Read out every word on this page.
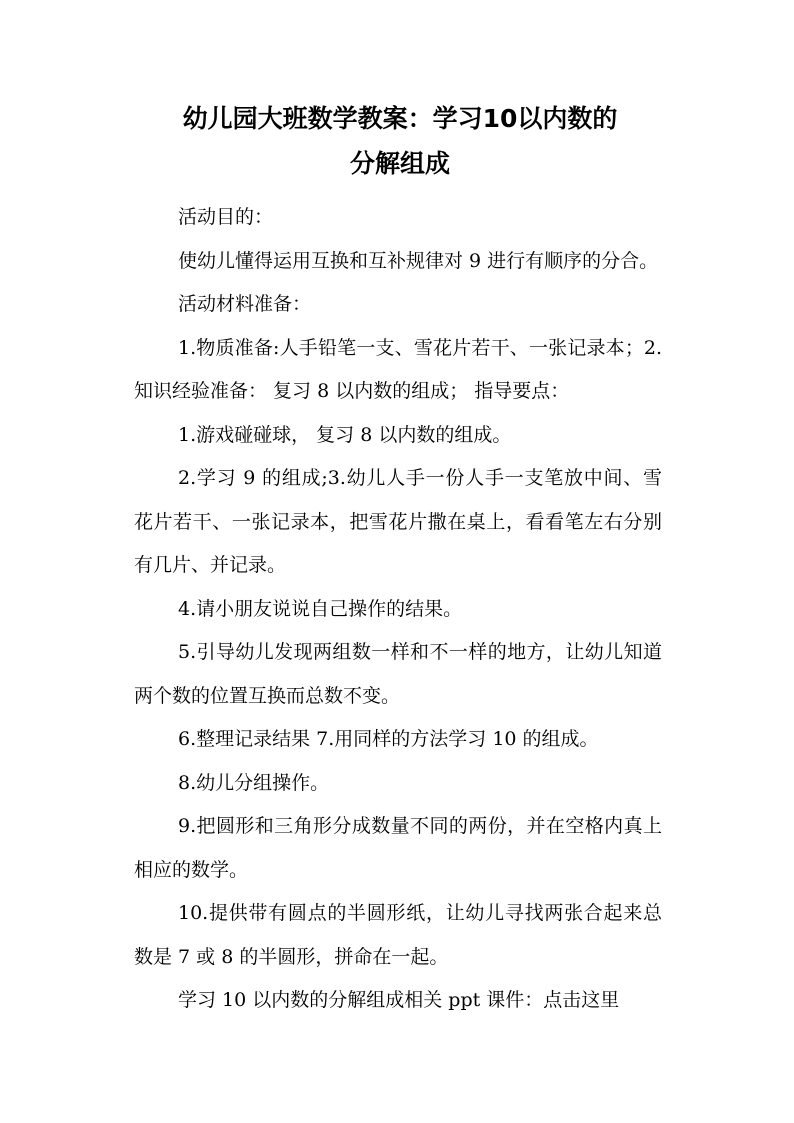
幼儿园大班数学教案：学习10以内数的
分解组成

活动目的：

使幼儿懂得运用互换和互补规律对 9 进行有顺序的分合。

活动材料准备：

1.物质准备:人手铅笔一支、雪花片若干、一张记录本；2.知识经验准备： 复习 8 以内数的组成； 指导要点：

1.游戏碰碰球， 复习 8 以内数的组成。

2.学习 9 的组成;3.幼儿人手一份人手一支笔放中间、雪花片若干、一张记录本，把雪花片撒在桌上，看看笔左右分别有几片、并记录。

4.请小朋友说说自己操作的结果。

5.引导幼儿发现两组数一样和不一样的地方，让幼儿知道两个数的位置互换而总数不变。

6.整理记录结果 7.用同样的方法学习 10 的组成。

8.幼儿分组操作。

9.把圆形和三角形分成数量不同的两份，并在空格内真上相应的数学。

10.提供带有圆点的半圆形纸，让幼儿寻找两张合起来总数是 7 或 8 的半圆形，拼命在一起。

学习 10 以内数的分解组成相关 ppt 课件：点击这里
